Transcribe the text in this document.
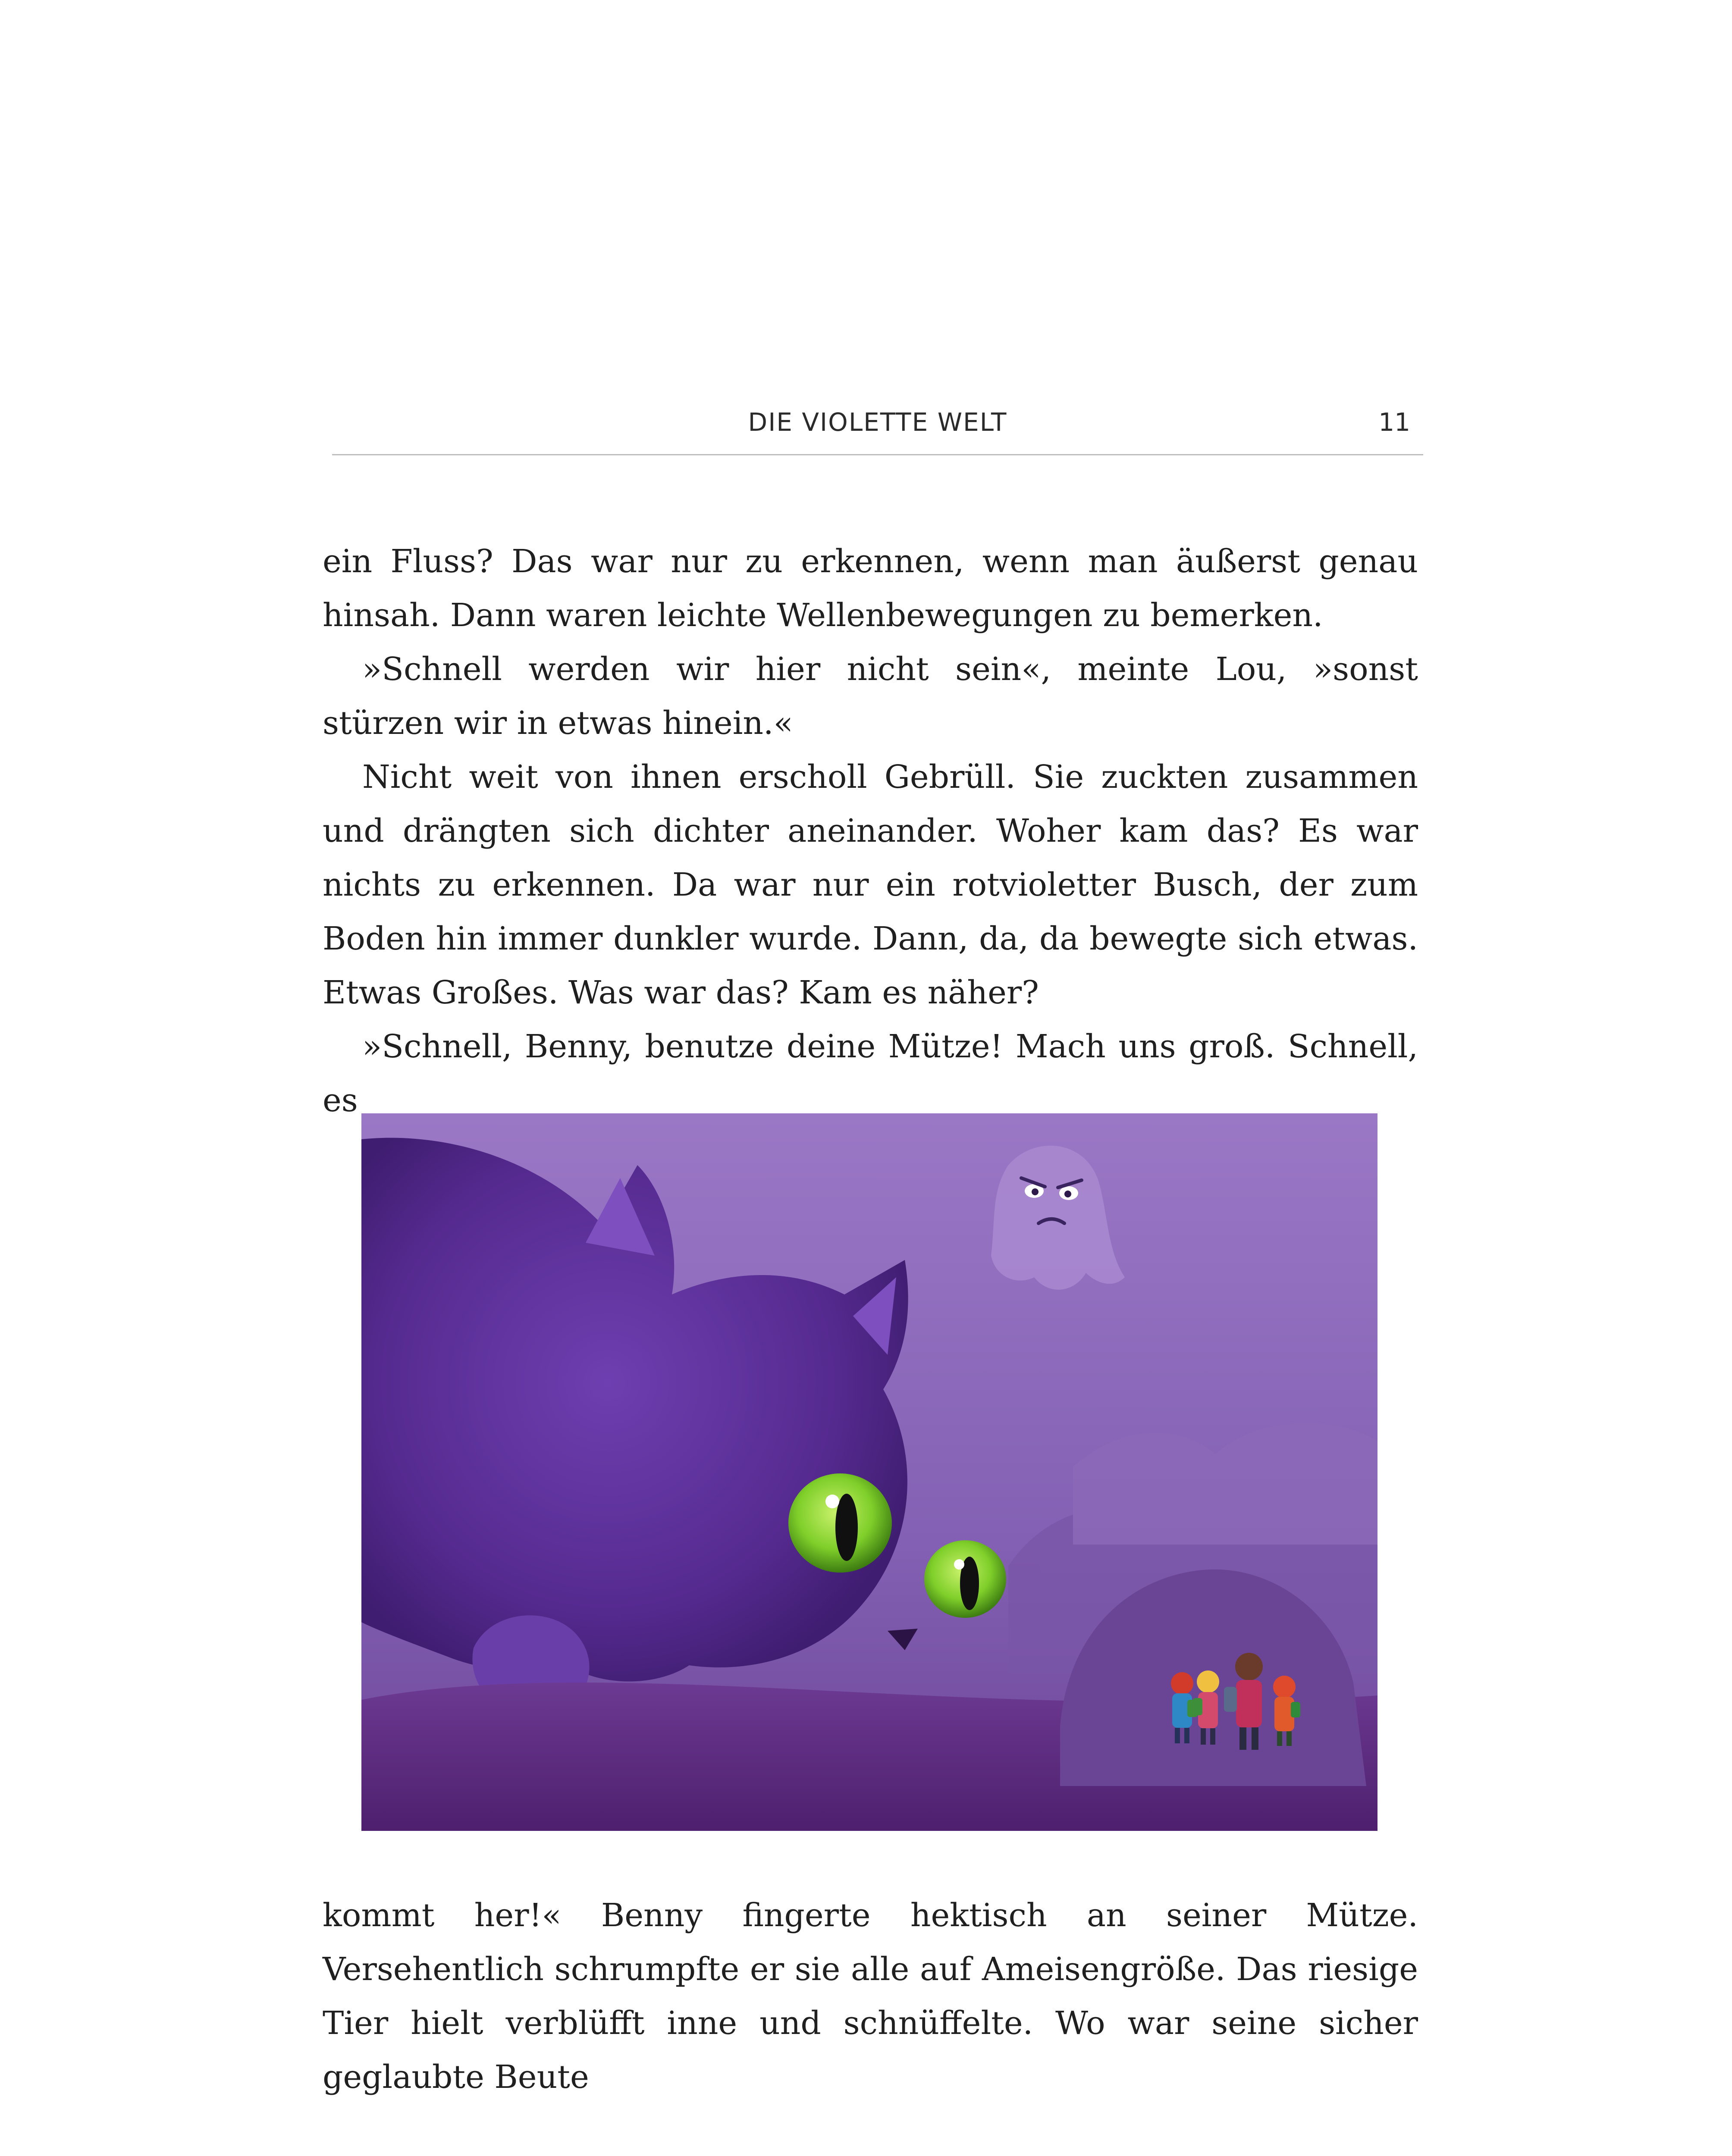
DIE VIOLETTE WELT	11

ein Fluss? Das war nur zu erkennen, wenn man äußerst genau hinsah. Dann waren leichte Wellenbewegungen zu bemerken.

»Schnell werden wir hier nicht sein«, meinte Lou, »sonst stürzen wir in etwas hinein.«

Nicht weit von ihnen erscholl Gebrüll. Sie zuckten zusammen und drängten sich dichter aneinander. Woher kam das? Es war nichts zu erkennen. Da war nur ein rotvioletter Busch, der zum Boden hin immer dunkler wurde. Dann, da, da bewegte sich etwas. Etwas Großes. Was war das? Kam es näher?

»Schnell, Benny, benutze deine Mütze! Mach uns groß. Schnell, es

kommt her!« Benny fingerte hektisch an seiner Mütze. Versehentlich schrumpfte er sie alle auf Ameisengröße. Das riesige Tier hielt verblüfft inne und schnüffelte. Wo war seine sicher geglaubte Beute
